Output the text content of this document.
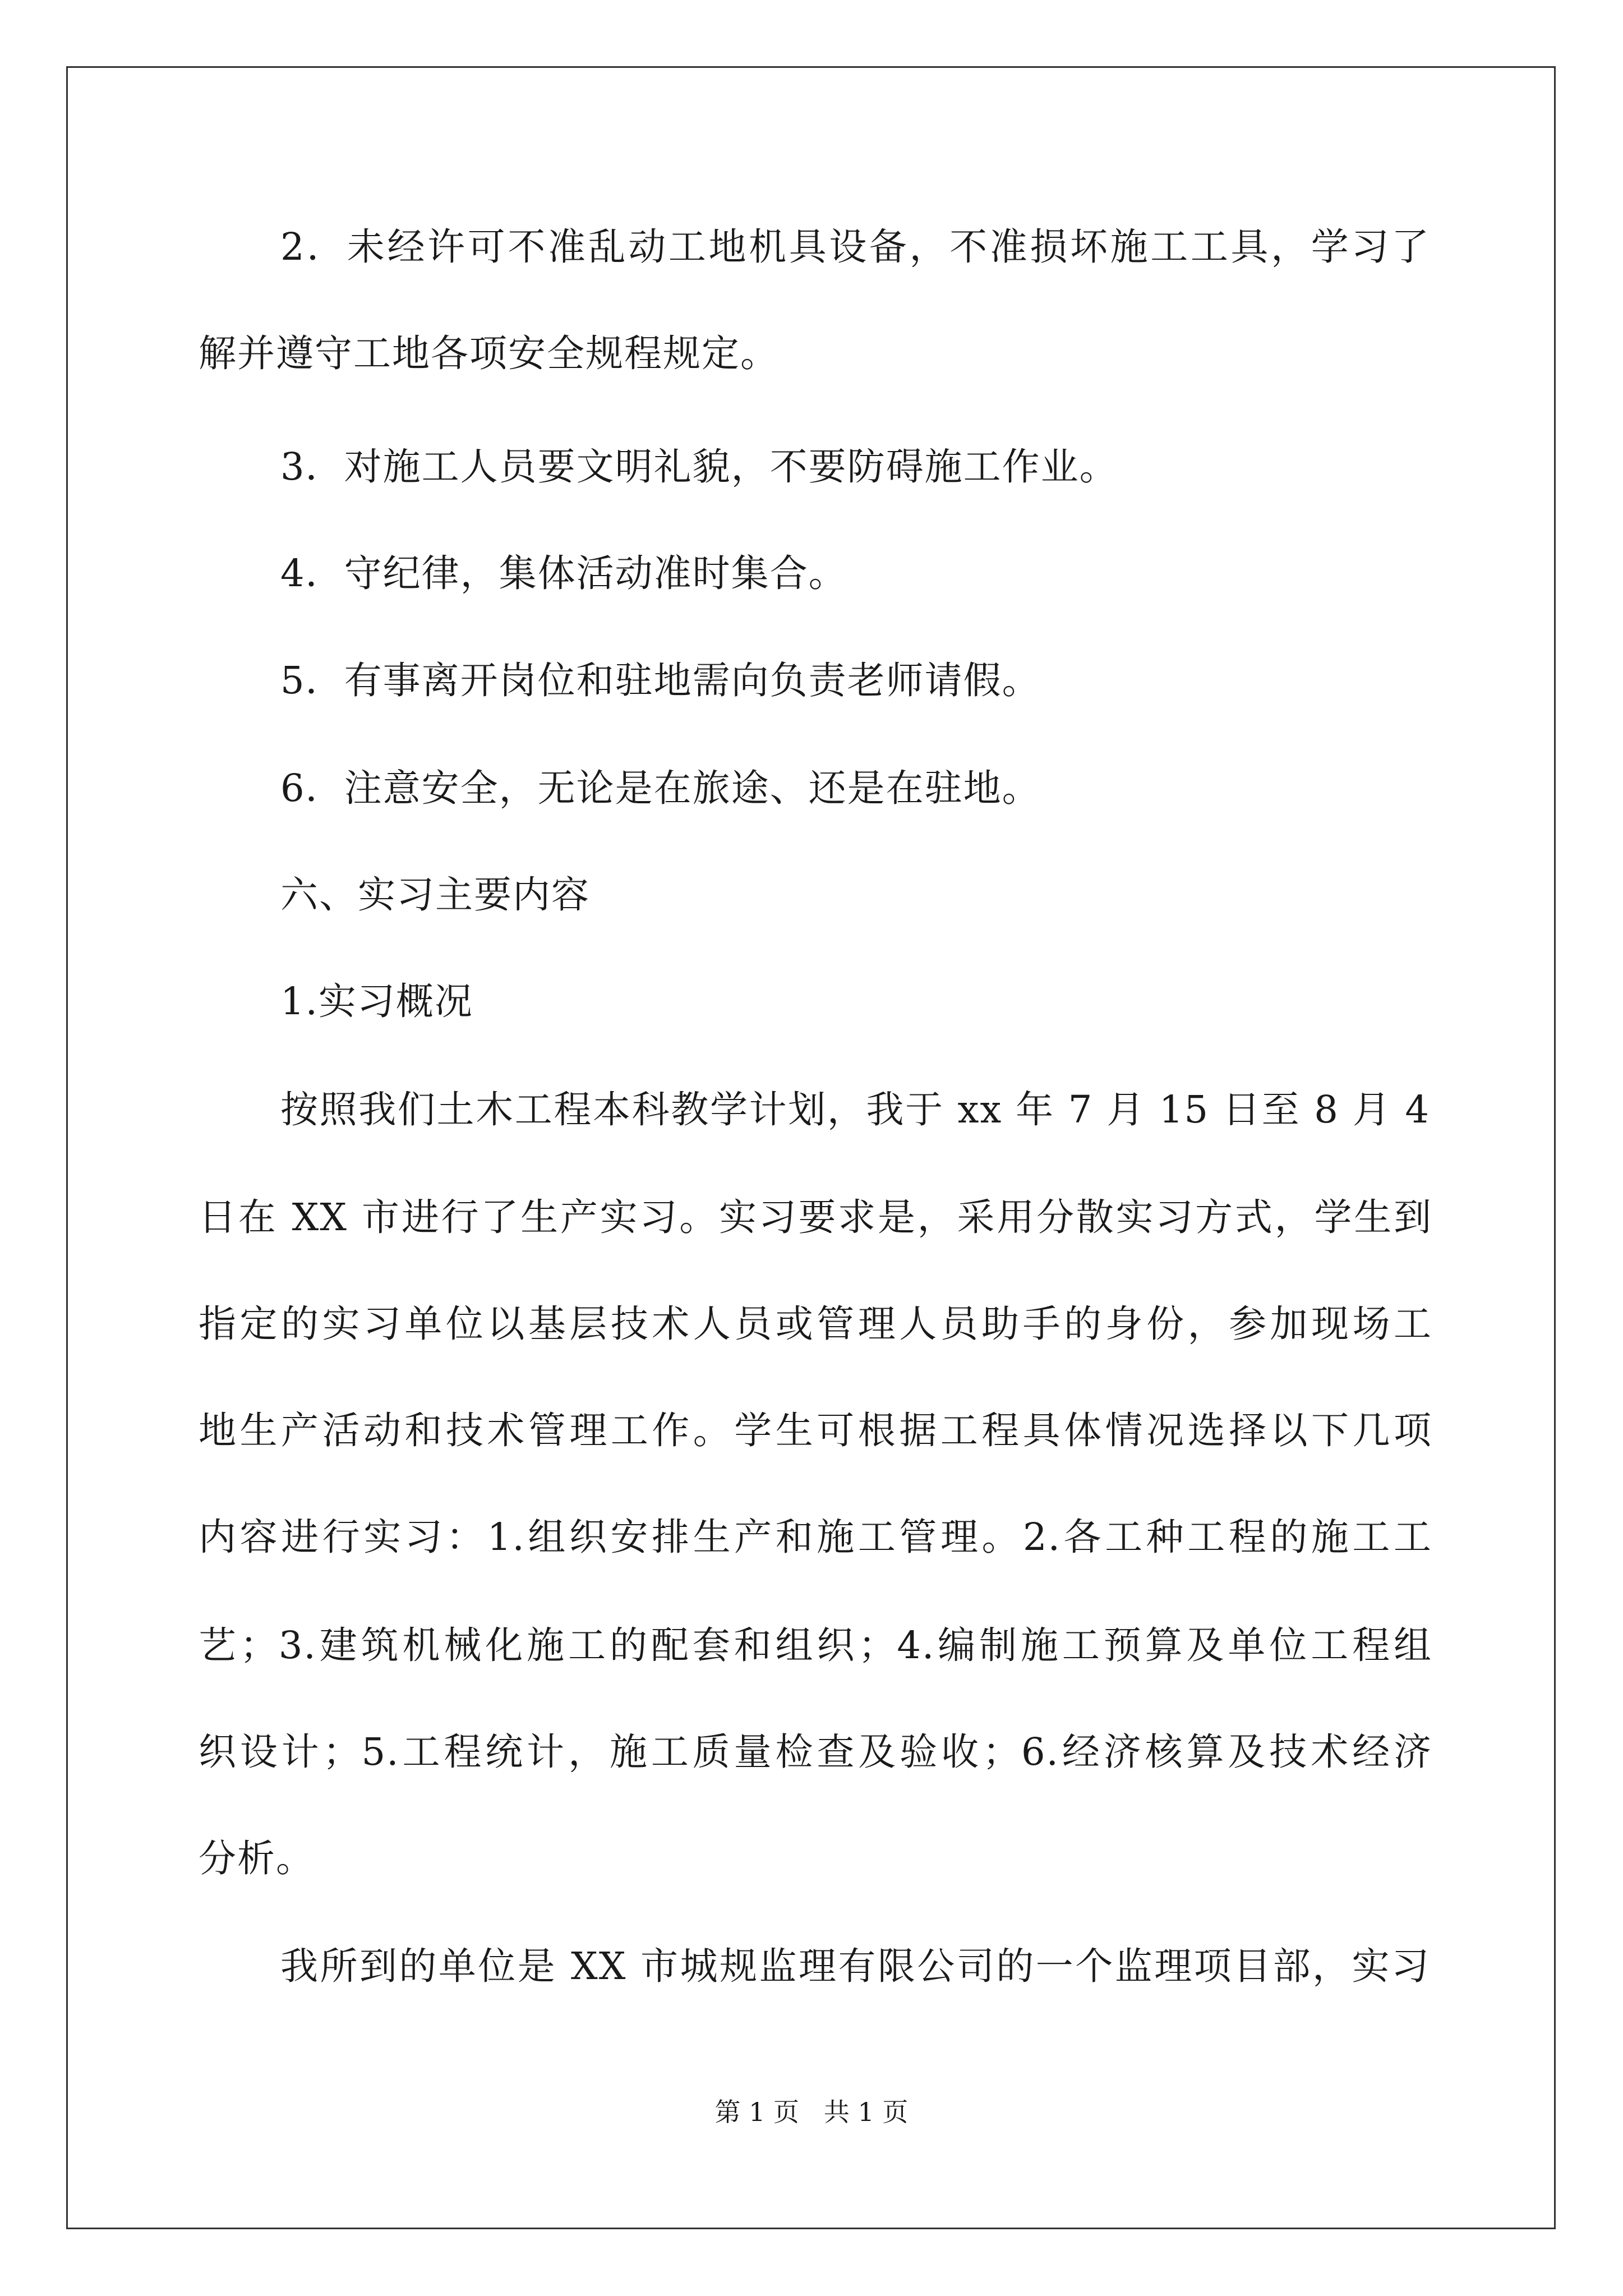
2．未经许可不准乱动工地机具设备，不准损坏施工工具，学习了
解并遵守工地各项安全规程规定。
3．对施工人员要文明礼貌，不要防碍施工作业。
4．守纪律，集体活动准时集合。
5．有事离开岗位和驻地需向负责老师请假。
6．注意安全，无论是在旅途、还是在驻地。
六、实习主要内容
1.实习概况
按照我们土木工程本科教学计划，我于 xx 年 7 月 15 日至 8 月 4
日在 XX 市进行了生产实习。实习要求是，采用分散实习方式，学生到
指定的实习单位以基层技术人员或管理人员助手的身份，参加现场工
地生产活动和技术管理工作。学生可根据工程具体情况选择以下几项
内容进行实习：1.组织安排生产和施工管理。2.各工种工程的施工工
艺；3.建筑机械化施工的配套和组织；4.编制施工预算及单位工程组
织设计；5.工程统计，施工质量检查及验收；6.经济核算及技术经济
分析。
我所到的单位是 XX 市城规监理有限公司的一个监理项目部，实习
第 1 页   共 1 页
